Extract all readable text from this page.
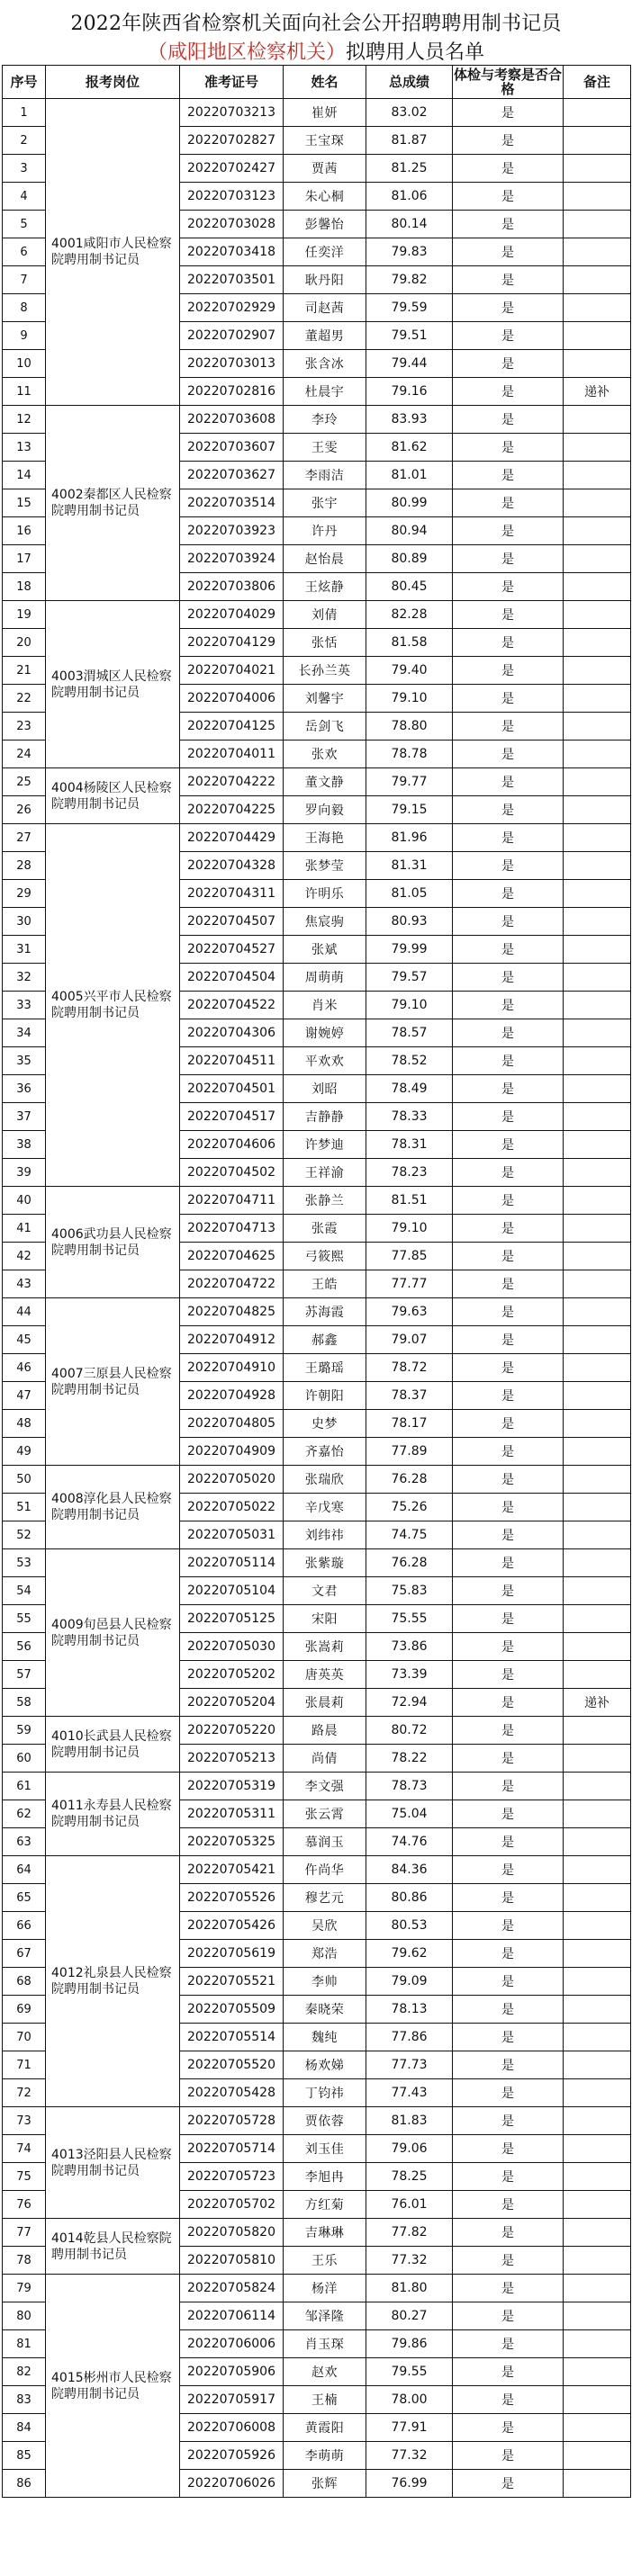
2022年陕西省检察机关面向社会公开招聘聘用制书记员
（咸阳地区检察机关）拟聘用人员名单
序号	报考岗位	准考证号	姓名	总成绩	体检与考察是否合格	备注
1	4001咸阳市人民检察院聘用制书记员	20220703213	崔妍	83.02	是	
2		20220702827	王宝琛	81.87	是	
3		20220702427	贾茜	81.25	是	
4		20220703123	朱心桐	81.06	是	
5		20220703028	彭馨怡	80.14	是	
6		20220703418	任奕洋	79.83	是	
7		20220703501	耿丹阳	79.82	是	
8		20220702929	司赵茜	79.59	是	
9		20220702907	董超男	79.51	是	
10		20220703013	张含冰	79.44	是	
11		20220702816	杜晨宇	79.16	是	递补
12	4002秦都区人民检察院聘用制书记员	20220703608	李玲	83.93	是	
13		20220703607	王雯	81.62	是	
14		20220703627	李雨洁	81.01	是	
15		20220703514	张宇	80.99	是	
16		20220703923	许丹	80.94	是	
17		20220703924	赵怡晨	80.89	是	
18		20220703806	王炫静	80.45	是	
19	4003渭城区人民检察院聘用制书记员	20220704029	刘倩	82.28	是	
20		20220704129	张恬	81.58	是	
21		20220704021	长孙兰英	79.40	是	
22		20220704006	刘馨宇	79.10	是	
23		20220704125	岳剑飞	78.80	是	
24		20220704011	张欢	78.78	是	
25	4004杨陵区人民检察院聘用制书记员	20220704222	董文静	79.77	是	
26		20220704225	罗向毅	79.15	是	
27	4005兴平市人民检察院聘用制书记员	20220704429	王海艳	81.96	是	
28		20220704328	张梦莹	81.31	是	
29		20220704311	许明乐	81.05	是	
30		20220704507	焦宸驹	80.93	是	
31		20220704527	张斌	79.99	是	
32		20220704504	周萌萌	79.57	是	
33		20220704522	肖米	79.10	是	
34		20220704306	谢婉婷	78.57	是	
35		20220704511	平欢欢	78.52	是	
36		20220704501	刘昭	78.49	是	
37		20220704517	吉静静	78.33	是	
38		20220704606	许梦迪	78.31	是	
39		20220704502	王祥渝	78.23	是	
40	4006武功县人民检察院聘用制书记员	20220704711	张静兰	81.51	是	
41		20220704713	张霞	79.10	是	
42		20220704625	弓筱熙	77.85	是	
43		20220704722	王皓	77.77	是	
44	4007三原县人民检察院聘用制书记员	20220704825	苏海霞	79.63	是	
45		20220704912	郝鑫	79.07	是	
46		20220704910	王璐瑶	78.72	是	
47		20220704928	许朝阳	78.37	是	
48		20220704805	史梦	78.17	是	
49		20220704909	齐嘉怡	77.89	是	
50	4008淳化县人民检察院聘用制书记员	20220705020	张瑞欣	76.28	是	
51		20220705022	辛戊寒	75.26	是	
52		20220705031	刘纬祎	74.75	是	
53	4009旬邑县人民检察院聘用制书记员	20220705114	张紫璇	76.28	是	
54		20220705104	文君	75.83	是	
55		20220705125	宋阳	75.55	是	
56		20220705030	张嵩莉	73.86	是	
57		20220705202	唐英英	73.39	是	
58		20220705204	张晨莉	72.94	是	递补
59	4010长武县人民检察院聘用制书记员	20220705220	路晨	80.72	是	
60		20220705213	尚倩	78.22	是	
61	4011永寿县人民检察院聘用制书记员	20220705319	李文强	78.73	是	
62		20220705311	张云霄	75.04	是	
63		20220705325	慕润玉	74.76	是	
64	4012礼泉县人民检察院聘用制书记员	20220705421	仵尚华	84.36	是	
65		20220705526	穆艺元	80.86	是	
66		20220705426	吴欣	80.53	是	
67		20220705619	郑浩	79.62	是	
68		20220705521	李帅	79.09	是	
69		20220705509	秦晓荣	78.13	是	
70		20220705514	魏纯	77.86	是	
71		20220705520	杨欢娣	77.73	是	
72		20220705428	丁钧祎	77.43	是	
73	4013泾阳县人民检察院聘用制书记员	20220705728	贾依蓉	81.83	是	
74		20220705714	刘玉佳	79.06	是	
75		20220705723	李旭冉	78.25	是	
76		20220705702	方红菊	76.01	是	
77	4014乾县人民检察院聘用制书记员	20220705820	吉琳琳	77.82	是	
78		20220705810	王乐	77.32	是	
79	4015彬州市人民检察院聘用制书记员	20220705824	杨洋	81.80	是	
80		20220706114	邹泽隆	80.27	是	
81		20220706006	肖玉琛	79.86	是	
82		20220705906	赵欢	79.55	是	
83		20220705917	王楠	78.00	是	
84		20220706008	黄霞阳	77.91	是	
85		20220705926	李萌萌	77.32	是	
86		20220706026	张辉	76.99	是	
